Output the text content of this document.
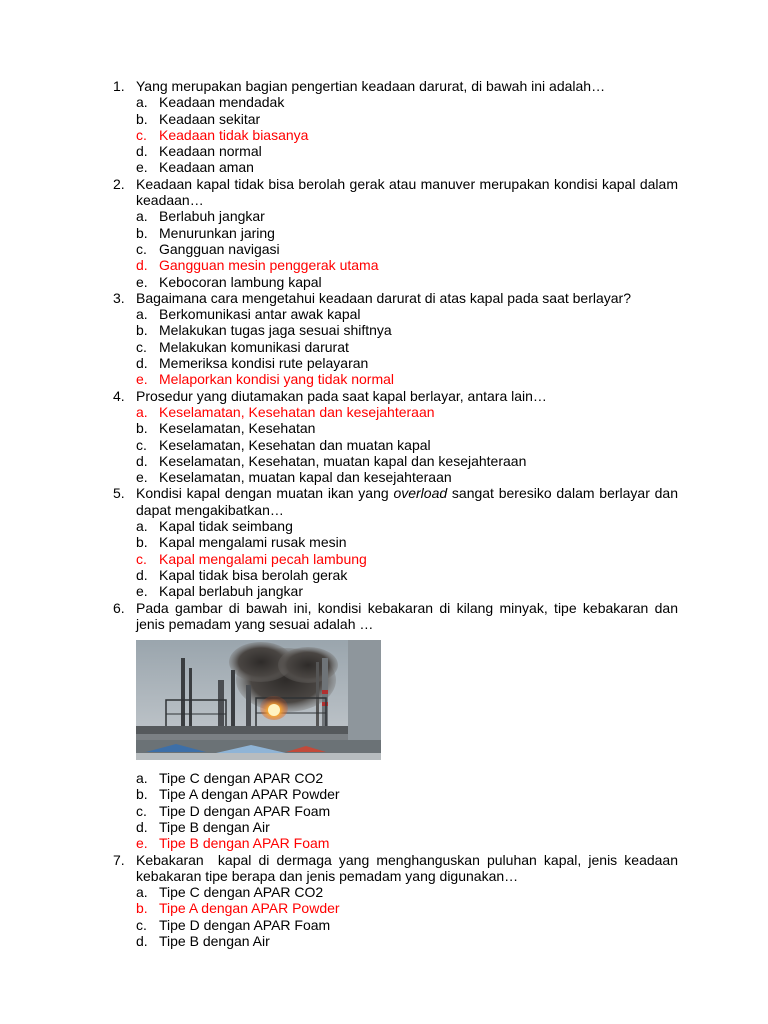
1. Yang merupakan bagian pengertian keadaan darurat, di bawah ini adalah…
a. Keadaan mendadak
b. Keadaan sekitar
c. Keadaan tidak biasanya
d. Keadaan normal
e. Keadaan aman
2. Keadaan kapal tidak bisa berolah gerak atau manuver merupakan kondisi kapal dalam keadaan…
a. Berlabuh jangkar
b. Menurunkan jaring
c. Gangguan navigasi
d. Gangguan mesin penggerak utama
e. Kebocoran lambung kapal
3. Bagaimana cara mengetahui keadaan darurat di atas kapal pada saat berlayar?
a. Berkomunikasi antar awak kapal
b. Melakukan tugas jaga sesuai shiftnya
c. Melakukan komunikasi darurat
d. Memeriksa kondisi rute pelayaran
e. Melaporkan kondisi yang tidak normal
4. Prosedur yang diutamakan pada saat kapal berlayar, antara lain…
a. Keselamatan, Kesehatan dan kesejahteraan
b. Keselamatan, Kesehatan
c. Keselamatan, Kesehatan dan muatan kapal
d. Keselamatan, Kesehatan, muatan kapal dan kesejahteraan
e. Keselamatan, muatan kapal dan kesejahteraan
5. Kondisi kapal dengan muatan ikan yang overload sangat beresiko dalam berlayar dan dapat mengakibatkan…
a. Kapal tidak seimbang
b. Kapal mengalami rusak mesin
c. Kapal mengalami pecah lambung
d. Kapal tidak bisa berolah gerak
e. Kapal berlabuh jangkar
6. Pada gambar di bawah ini, kondisi kebakaran di kilang minyak, tipe kebakaran dan jenis pemadam yang sesuai adalah …
a. Tipe C dengan APAR CO2
b. Tipe A dengan APAR Powder
c. Tipe D dengan APAR Foam
d. Tipe B dengan Air
e. Tipe B dengan APAR Foam
7. Kebakaran  kapal di dermaga yang menghanguskan puluhan kapal, jenis keadaan kebakaran tipe berapa dan jenis pemadam yang digunakan…
a. Tipe C dengan APAR CO2
b. Tipe A dengan APAR Powder
c. Tipe D dengan APAR Foam
d. Tipe B dengan Air
